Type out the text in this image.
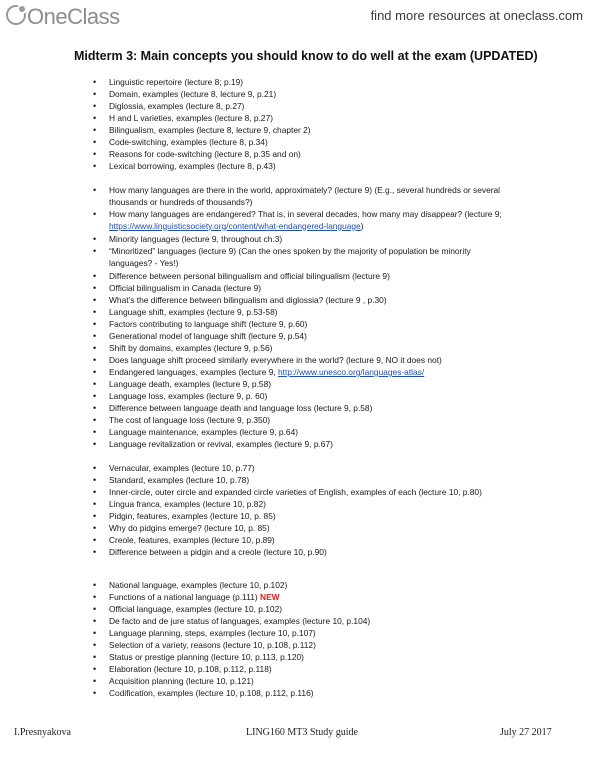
OneClass	find more resources at oneclass.com
Midterm 3: Main concepts you should know to do well at the exam (UPDATED)
• Linguistic repertoire (lecture 8; p.19)
• Domain, examples (lecture 8, lecture 9, p.21)
• Diglossia, examples (lecture 8, p.27)
• H and L varieties, examples (lecture 8, p.27)
• Bilingualism, examples (lecture 8, lecture 9, chapter 2)
• Code-switching, examples (lecture 8, p.34)
• Reasons for code-switching (lecture 8, p.35 and on)
• Lexical borrowing, examples (lecture 8, p.43)
• How many languages are there in the world, approximately? (lecture 9) (E.g., several hundreds or several
thousands or hundreds of thousands?)
• How many languages are endangered? That is, in several decades, how many may disappear? (lecture 9;
https://www.linguisticsociety.org/content/what-endangered-language)
• Minority languages (lecture 9, throughout ch.3)
• “Minoritized” languages (lecture 9) (Can the ones spoken by the majority of population be minority
languages? - Yes!)
• Difference between personal bilingualism and official bilingualism (lecture 9)
• Official bilingualism in Canada (lecture 9)
• What’s the difference between bilingualism and diglossia? (lecture 9 , p.30)
• Language shift, examples (lecture 9, p.53-58)
• Factors contributing to language shift (lecture 9, p.60)
• Generational model of language shift (lecture 9, p.54)
• Shift by domains, examples (lecture 9, p.56)
• Does language shift proceed similarly everywhere in the world? (lecture 9, NO it does not)
• Endangered languages, examples (lecture 9, http://www.unesco.org/languages-atlas/
• Language death, examples (lecture 9, p.58)
• Language loss, examples (lecture 9, p. 60)
• Difference between language death and language loss (lecture 9, p.58)
• The cost of language loss (lecture 9, p.350)
• Language maintenance, examples (lecture 9, p.64)
• Language revitalization or revival, examples (lecture 9, p.67)
• Vernacular, examples (lecture 10, p.77)
• Standard, examples (lecture 10, p.78)
• Inner-circle, outer circle and expanded circle varieties of English, examples of each (lecture 10, p.80)
• Lingua franca, examples (lecture 10, p.82)
• Pidgin, features, examples (lecture 10, p. 85)
• Why do pidgins emerge? (lecture 10, p. 85)
• Creole, features, examples (lecture 10, p.89)
• Difference between a pidgin and a creole (lecture 10, p.90)
• National language, examples (lecture 10, p.102)
• Functions of a national language (p.111) NEW
• Official language, examples (lecture 10, p.102)
• De facto and de jure status of languages, examples (lecture 10, p.104)
• Language planning, steps, examples (lecture 10, p.107)
• Selection of a variety, reasons (lecture 10, p.108, p.112)
• Status or prestige planning (lecture 10, p.113, p.120)
• Elaboration (lecture 10, p.108, p.112, p.118)
• Acquisition planning (lecture 10, p.121)
• Codification, examples (lecture 10, p.108, p.112, p.116)
I.Presnyakova	LING160 MT3 Study guide	July 27 2017
